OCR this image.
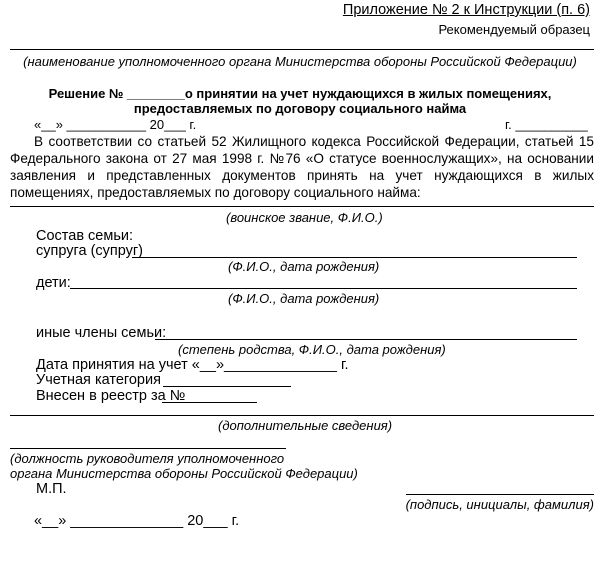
Приложение № 2 к Инструкции (п. 6)
Рекомендуемый образец
(наименование уполномоченного органа Министерства обороны Российской Федерации)
Решение № ________о принятии на учет нуждающихся в жилых помещениях,
предоставляемых по договору социального найма
«__» ___________ 20___ г.	г. __________
В соответствии со статьей 52 Жилищного кодекса Российской Федерации, статьей 15 Федерального закона от 27 мая 1998 г. №76 «О статусе военнослужащих», на основании заявления и представленных документов принять на учет нуждающихся в жилых помещениях, предоставляемых по договору социального найма:
(воинское звание, Ф.И.О.)
Состав семьи:
супруга (супруг)
(Ф.И.О., дата рождения)
дети:
(Ф.И.О., дата рождения)
иные члены семьи:
(степень родства, Ф.И.О., дата рождения)
Дата принятия на учет «__»______________ г.
Учетная категория
Внесен в реестр за №
(дополнительные сведения)
(должность руководителя уполномоченного
органа Министерства обороны Российской Федерации)
М.П.
(подпись, инициалы, фамилия)
«__» ______________ 20___ г.
